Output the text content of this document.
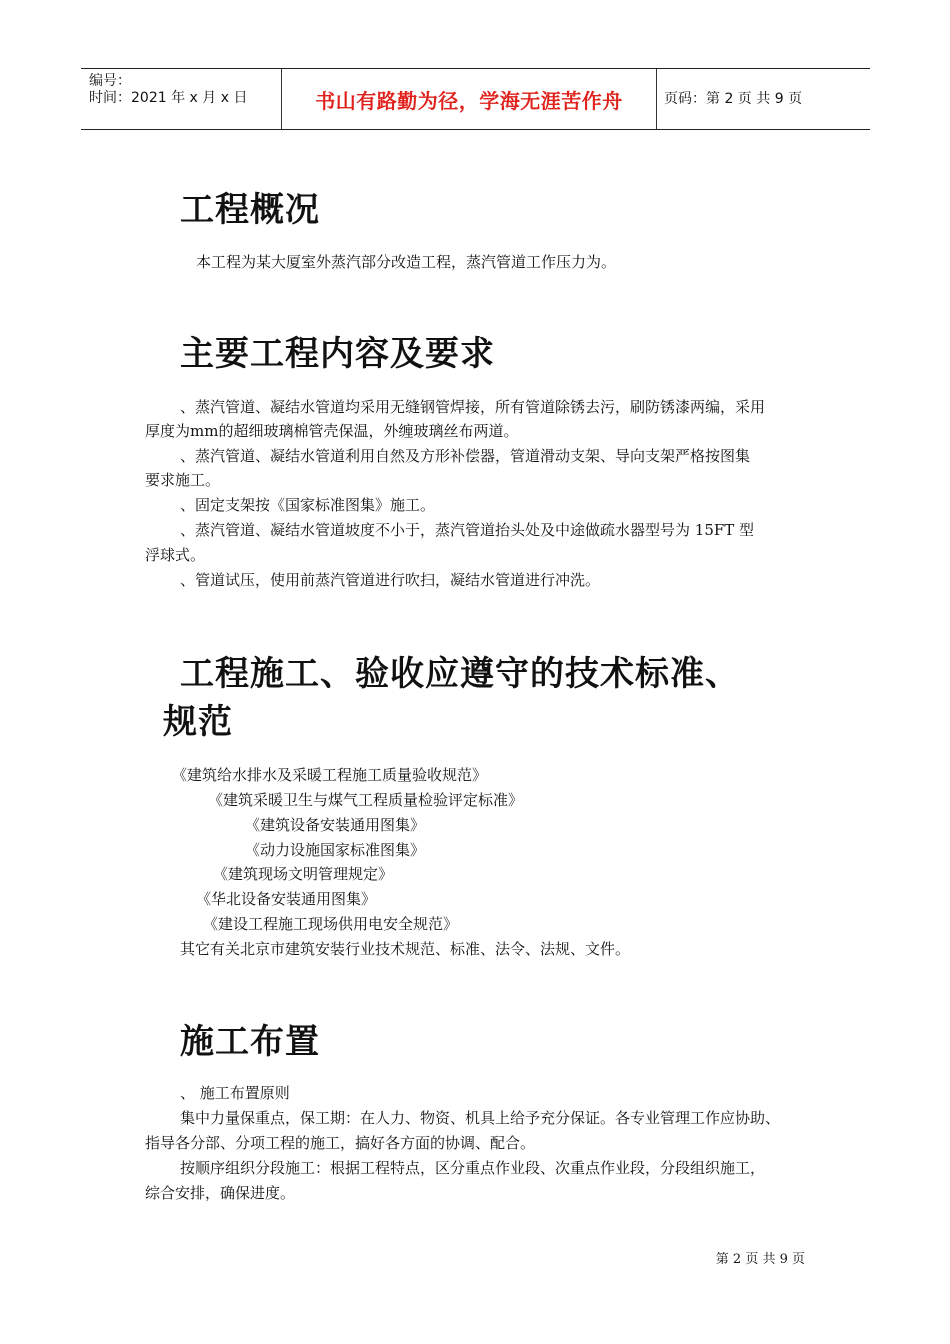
编号：
时间：2021 年 x 月 x 日	书山有路勤为径，学海无涯苦作舟	页码：第 2 页 共 9 页
工程概况
本工程为某大厦室外蒸汽部分改造工程，蒸汽管道工作压力为。
主要工程内容及要求
、蒸汽管道、凝结水管道均采用无缝钢管焊接，所有管道除锈去污，刷防锈漆两编，采用
厚度为mm的超细玻璃棉管壳保温，外缠玻璃丝布两道。
、蒸汽管道、凝结水管道利用自然及方形补偿器，管道滑动支架、导向支架严格按图集
要求施工。
、固定支架按《国家标准图集》施工。
、蒸汽管道、凝结水管道坡度不小于，蒸汽管道抬头处及中途做疏水器型号为 15FT 型
浮球式。
、管道试压，使用前蒸汽管道进行吹扫，凝结水管道进行冲洗。
工程施工、验收应遵守的技术标准、
规范
《建筑给水排水及采暖工程施工质量验收规范》
《建筑采暖卫生与煤气工程质量检验评定标准》
《建筑设备安装通用图集》
《动力设施国家标准图集》
《建筑现场文明管理规定》
《华北设备安装通用图集》
《建设工程施工现场供用电安全规范》
其它有关北京市建筑安装行业技术规范、标准、法令、法规、文件。
施工布置
、 施工布置原则
集中力量保重点，保工期：在人力、物资、机具上给予充分保证。各专业管理工作应协助、
指导各分部、分项工程的施工，搞好各方面的协调、配合。
按顺序组织分段施工：根据工程特点，区分重点作业段、次重点作业段，分段组织施工，
综合安排，确保进度。
第 2 页 共 9 页
